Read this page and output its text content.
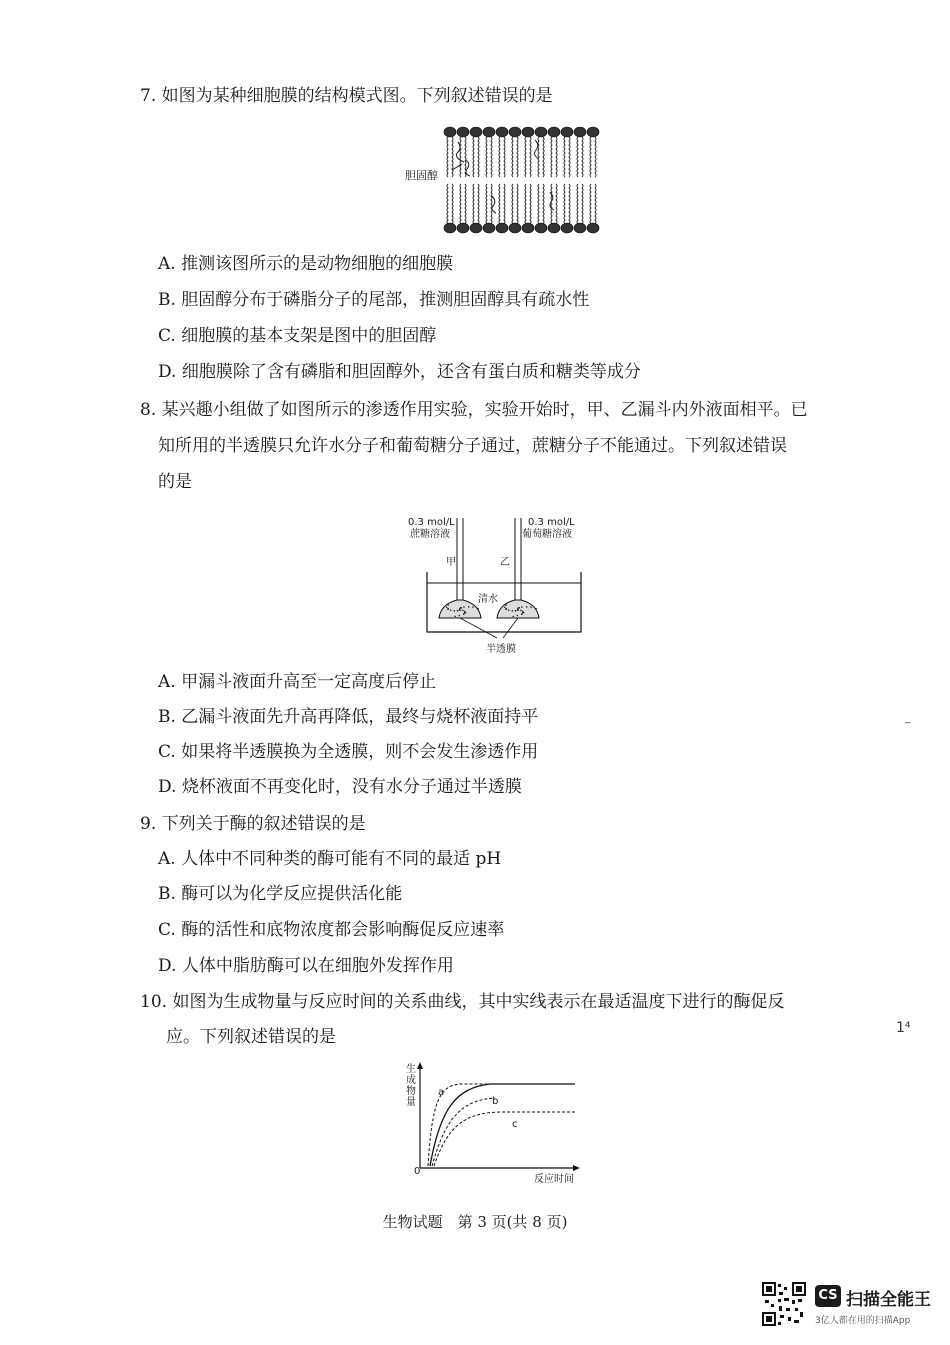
7. 如图为某种细胞膜的结构模式图。下列叙述错误的是
胆固醇
A. 推测该图所示的是动物细胞的细胞膜
B. 胆固醇分布于磷脂分子的尾部，推测胆固醇具有疏水性
C. 细胞膜的基本支架是图中的胆固醇
D. 细胞膜除了含有磷脂和胆固醇外，还含有蛋白质和糖类等成分
8. 某兴趣小组做了如图所示的渗透作用实验，实验开始时，甲、乙漏斗内外液面相平。已
知所用的半透膜只允许水分子和葡萄糖分子通过，蔗糖分子不能通过。下列叙述错误
的是
0.3 mol/L
蔗糖溶液
0.3 mol/L
葡萄糖溶液
甲	乙
清水
半透膜
A. 甲漏斗液面升高至一定高度后停止
B. 乙漏斗液面先升高再降低，最终与烧杯液面持平
C. 如果将半透膜换为全透膜，则不会发生渗透作用
D. 烧杯液面不再变化时，没有水分子通过半透膜
9. 下列关于酶的叙述错误的是
A. 人体中不同种类的酶可能有不同的最适 pH
B. 酶可以为化学反应提供活化能
C. 酶的活性和底物浓度都会影响酶促反应速率
D. 人体中脂肪酶可以在细胞外发挥作用
10. 如图为生成物量与反应时间的关系曲线，其中实线表示在最适温度下进行的酶促反
应。下列叙述错误的是
生成物量
反应时间
0
a
b
c
生物试题　第 3 页(共 8 页)
⁻
1⁴
CS 扫描全能王
3亿人都在用的扫描App
